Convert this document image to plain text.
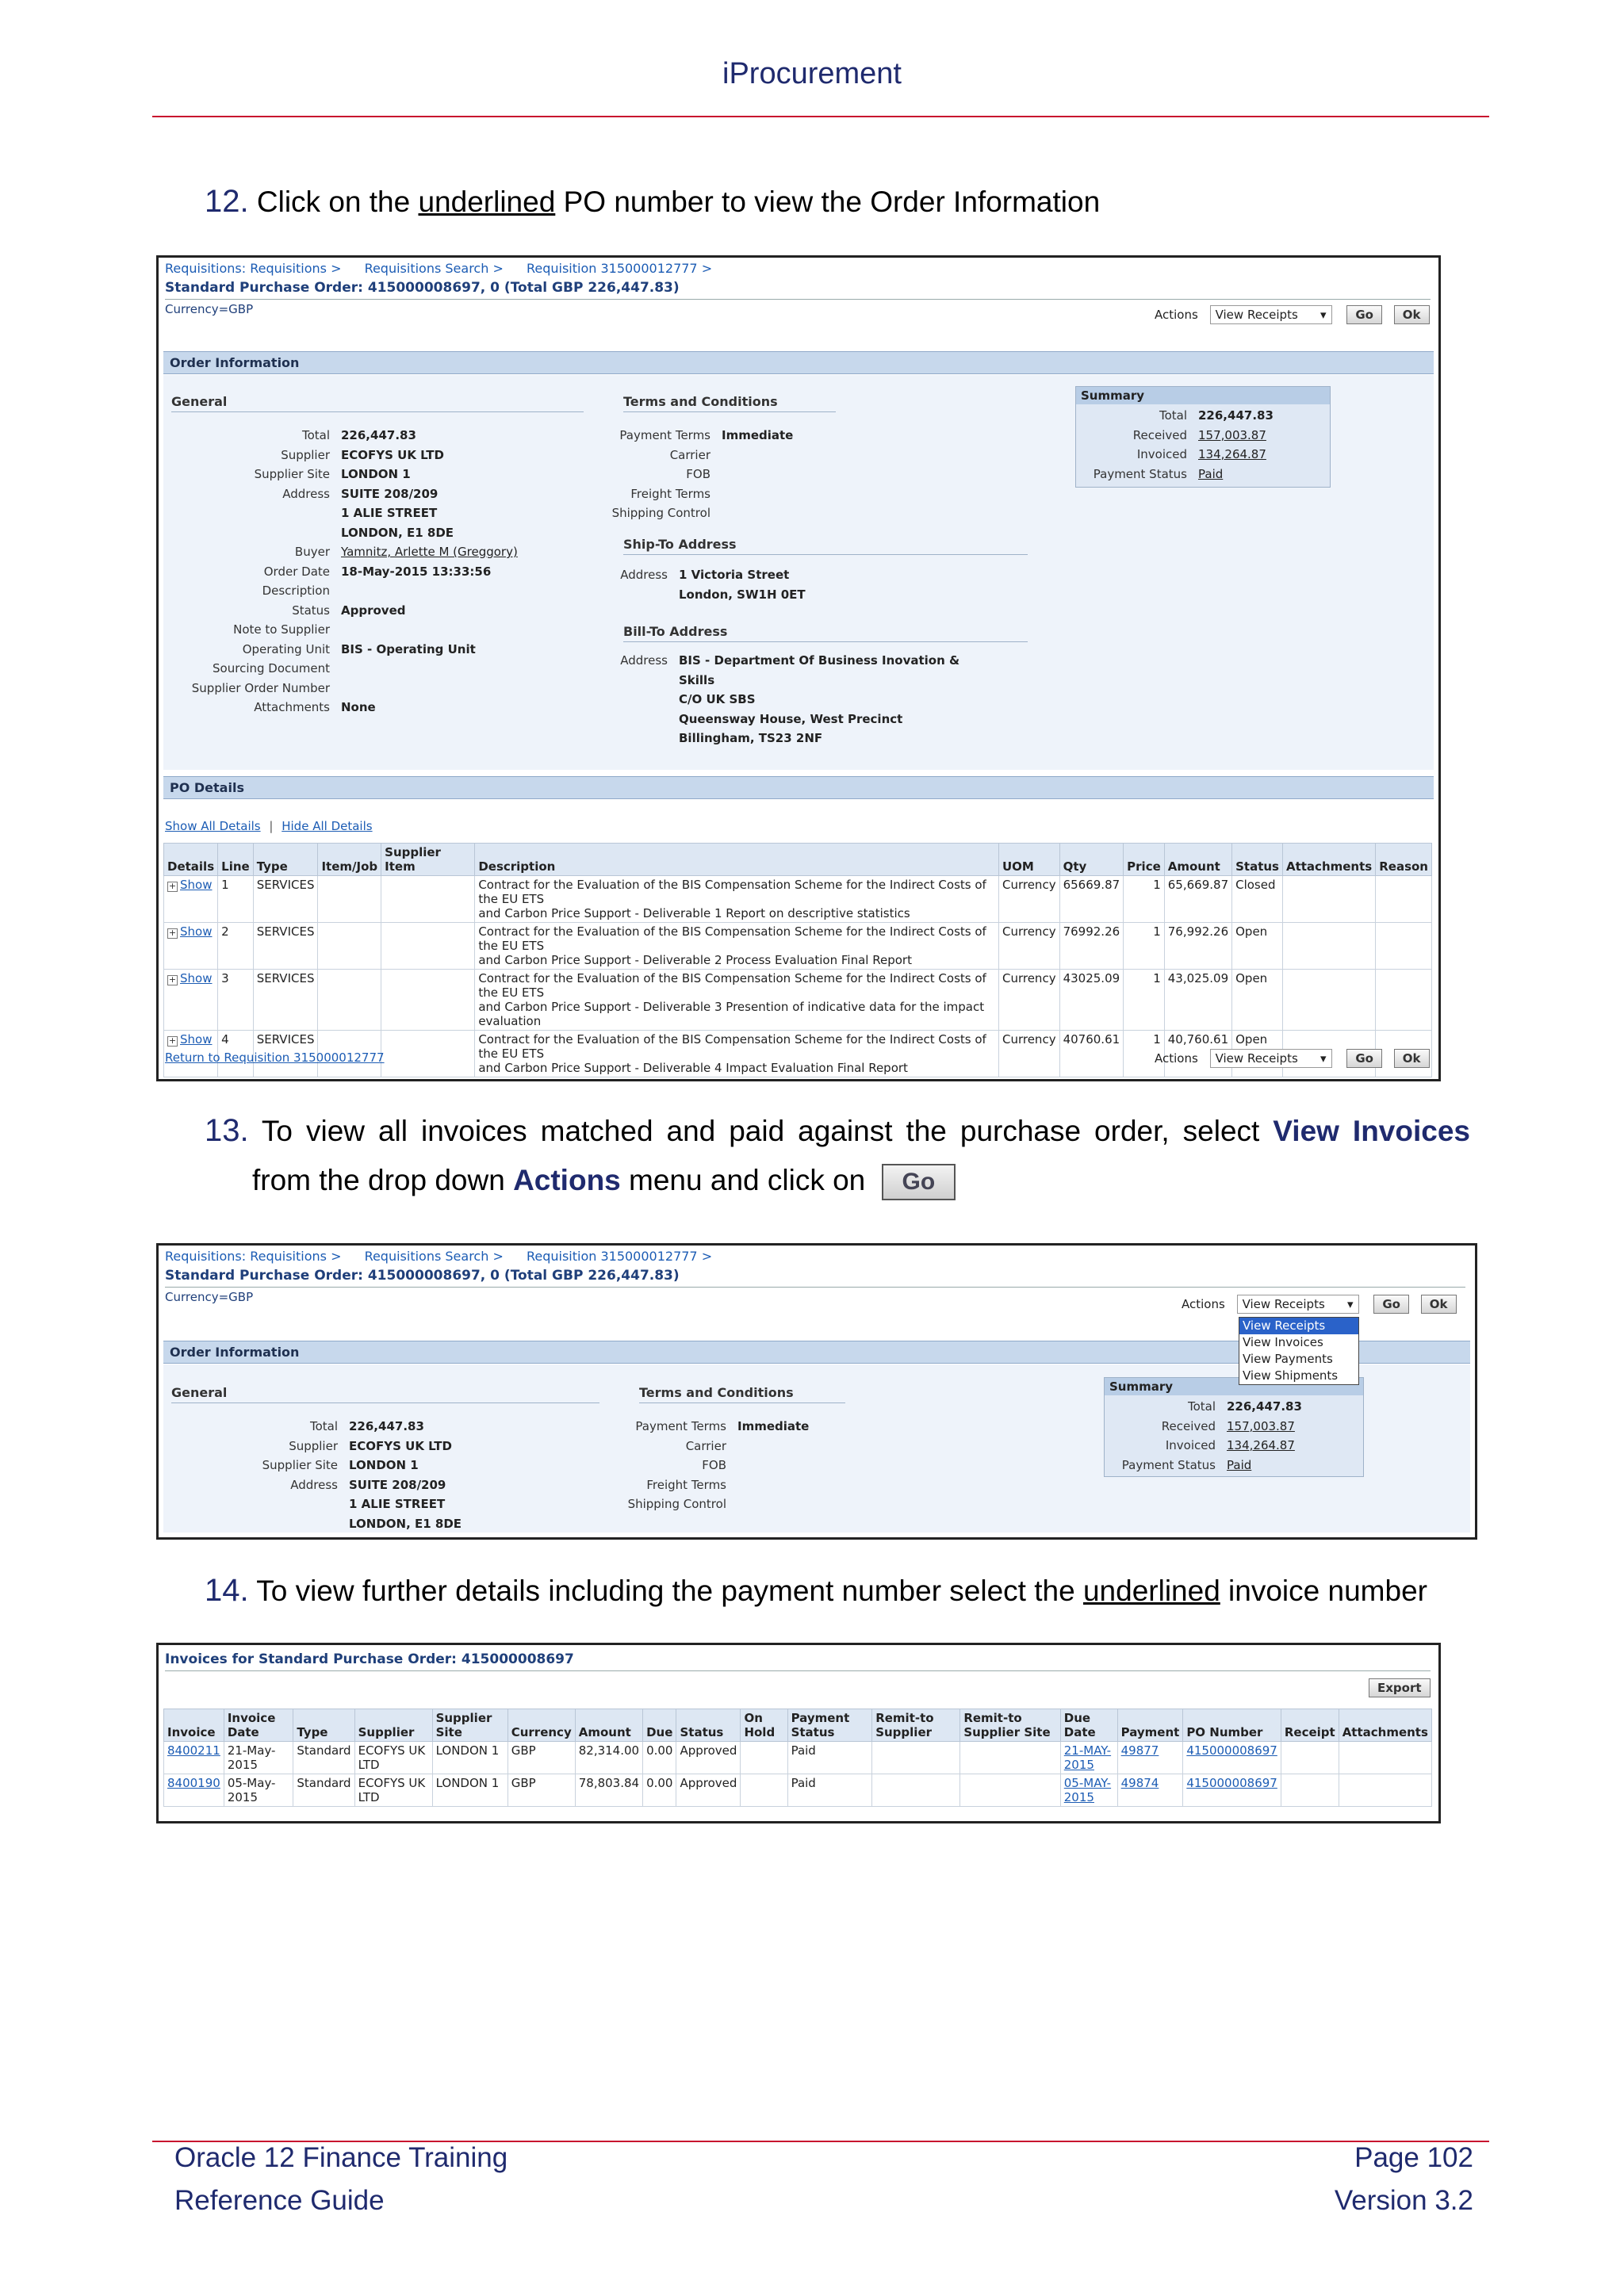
iProcurement
12. Click on the underlined PO number to view the Order Information
Requisitions: Requisitions > Requisitions Search > Requisition 315000012777 >
Standard Purchase Order: 415000008697, 0 (Total GBP 226,447.83)
Currency=GBP	Actions View Receipts ▾ Go Ok
Order Information
General	Terms and Conditions
Total 226,447.83
Supplier ECOFYS UK LTD
Supplier Site LONDON 1
Address SUITE 208/209
1 ALIE STREET
LONDON, E1 8DE
Buyer Yamnitz, Arlette M (Greggory)
Order Date 18-May-2015 13:33:56
Description
Status Approved
Note to Supplier
Operating Unit BIS - Operating Unit
Sourcing Document
Supplier Order Number
Attachments None
Payment Terms Immediate
Carrier
FOB
Freight Terms
Shipping Control
Ship-To Address
Address 1 Victoria Street
London, SW1H 0ET
Bill-To Address
Address BIS - Department Of Business Inovation &
Skills
C/O UK SBS
Queensway House, West Precinct
Billingham, TS23 2NF
Summary
Total 226,447.83
Received 157,003.87
Invoiced 134,264.87
Payment Status Paid
PO Details
Show All Details | Hide All Details
Details	Line	Type	Item/Job	Supplier Item	Description	UOM	Qty	Price	Amount	Status	Attachments	Reason
+ Show	1	SERVICES			Contract for the Evaluation of the BIS Compensation Scheme for the Indirect Costs of the EU ETS
and Carbon Price Support - Deliverable 1 Report on descriptive statistics	Currency	65669.87	1	65,669.87	Closed		
+ Show	2	SERVICES			Contract for the Evaluation of the BIS Compensation Scheme for the Indirect Costs of the EU ETS
and Carbon Price Support - Deliverable 2 Process Evaluation Final Report	Currency	76992.26	1	76,992.26	Open		
+ Show	3	SERVICES			Contract for the Evaluation of the BIS Compensation Scheme for the Indirect Costs of the EU ETS
and Carbon Price Support - Deliverable 3 Presention of indicative data for the impact evaluation	Currency	43025.09	1	43,025.09	Open		
+ Show	4	SERVICES			Contract for the Evaluation of the BIS Compensation Scheme for the Indirect Costs of the EU ETS
and Carbon Price Support - Deliverable 4 Impact Evaluation Final Report	Currency	40760.61	1	40,760.61	Open		
Return to Requisition 315000012777	Actions View Receipts ▾ Go Ok
13. To view all invoices matched and paid against the purchase order, select View Invoices
from the drop down Actions menu and click on Go
Requisitions: Requisitions > Requisitions Search > Requisition 315000012777 >
Standard Purchase Order: 415000008697, 0 (Total GBP 226,447.83)
Currency=GBP	Actions View Receipts ▾ Go Ok
Order Information
General	Terms and Conditions
Total 226,447.83
Supplier ECOFYS UK LTD
Supplier Site LONDON 1
Address SUITE 208/209
1 ALIE STREET
LONDON, E1 8DE
Payment Terms Immediate
Carrier
FOB
Freight Terms
Shipping Control
Summary
Total 226,447.83
Received 157,003.87
Invoiced 134,264.87
Payment Status Paid
View Receipts
View Invoices
View Payments
View Shipments
14. To view further details including the payment number select the underlined invoice number
Invoices for Standard Purchase Order: 415000008697
Export
Invoice	Invoice Date	Type	Supplier	Supplier Site	Currency	Amount	Due	Status	On Hold	Payment Status	Remit-to Supplier	Remit-to Supplier Site	Due Date	Payment	PO Number	Receipt	Attachments
8400211	21-May-2015	Standard	ECOFYS UK LTD	LONDON 1	GBP	82,314.00	0.00	Approved		Paid			21-MAY-2015	49877	415000008697		
8400190	05-May-2015	Standard	ECOFYS UK LTD	LONDON 1	GBP	78,803.84	0.00	Approved		Paid			05-MAY-2015	49874	415000008697		
Oracle 12 Finance Training
Reference Guide
Page 102
Version 3.2
